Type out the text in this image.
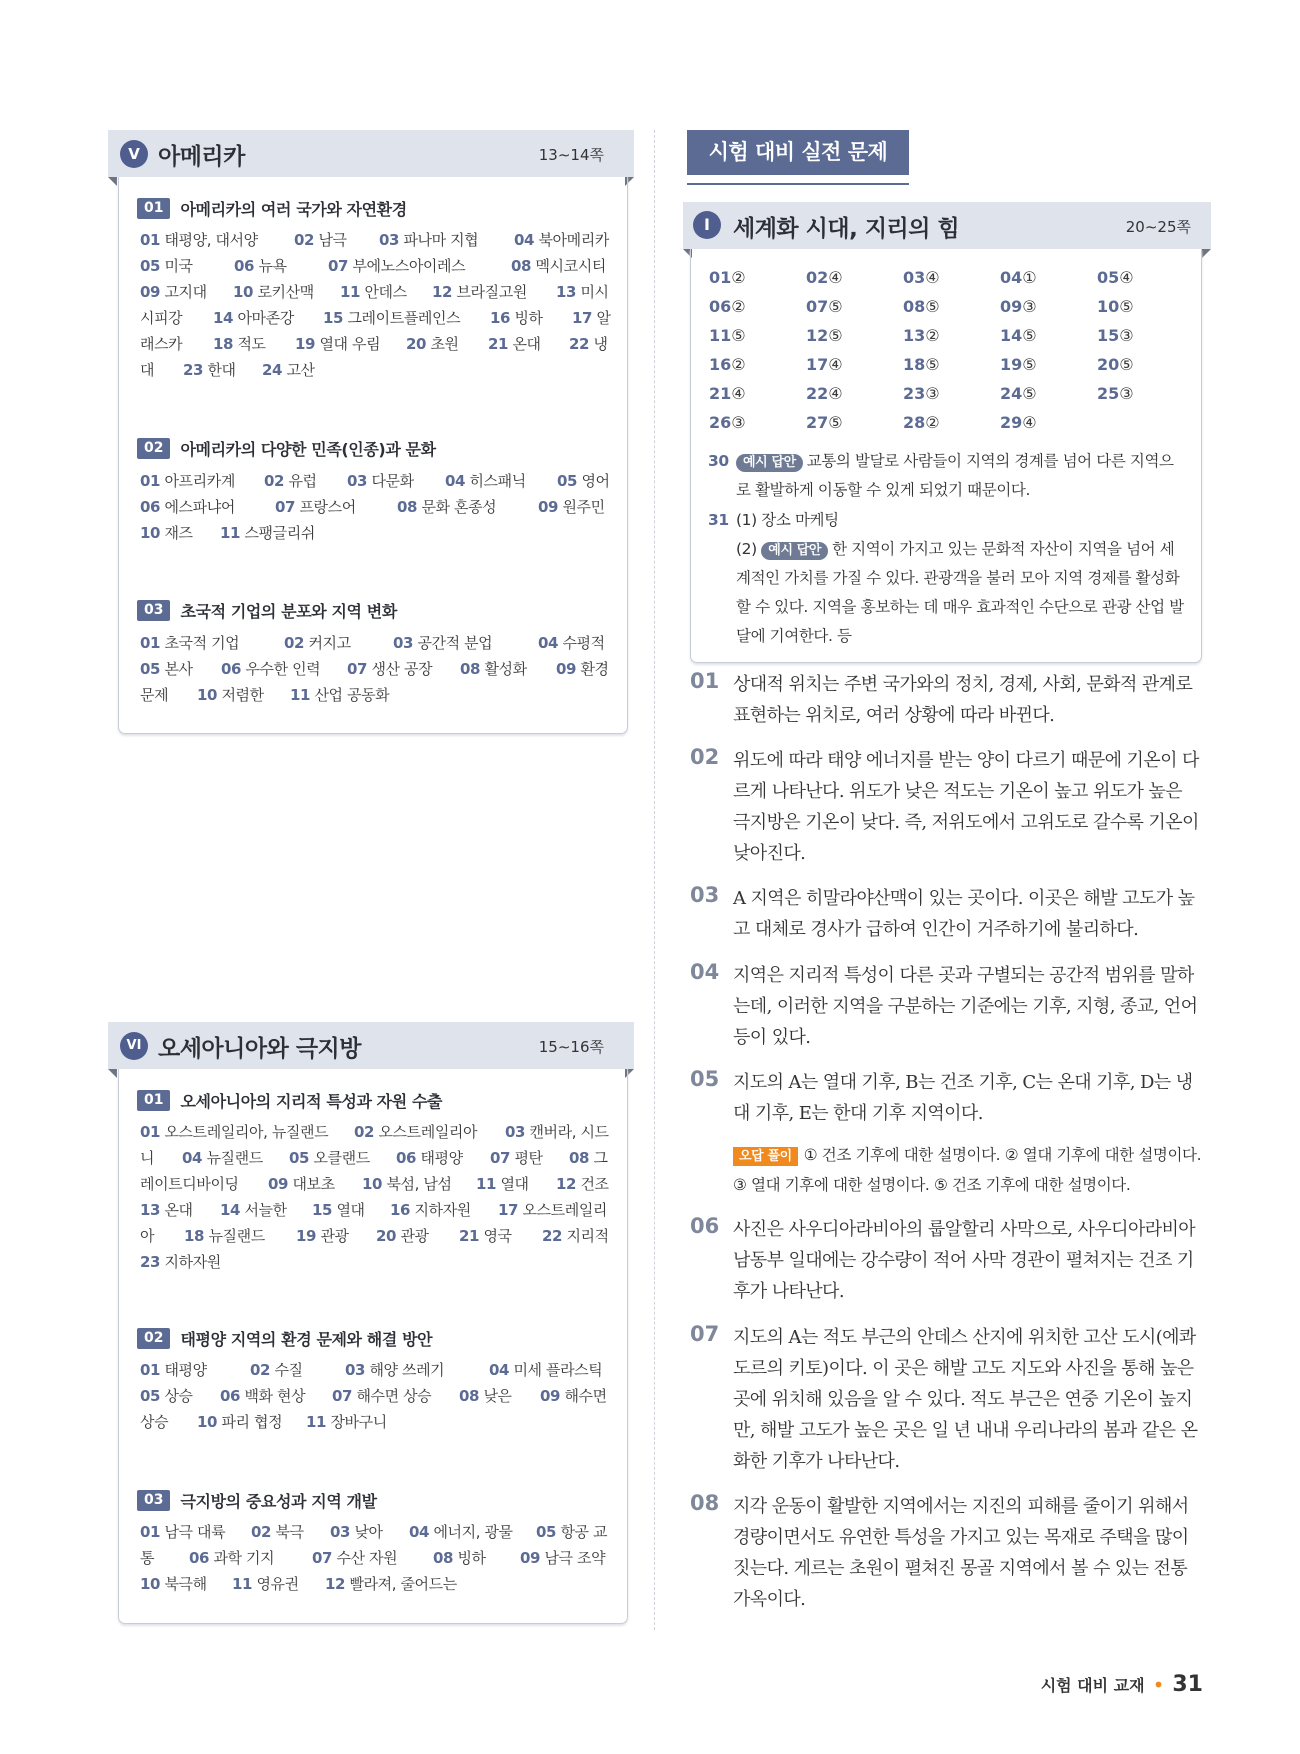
V 아메리카	13∼14쪽
01	아메리카의 여러 국가와 자연환경
01 태평양, 대서양 02 남극 03 파나마 지협 04 북아메리카
05 미국	06 뉴욕	07 부에노스아이레스	08 멕시코시티
09 고지대 10 로키산맥 11 안데스 12 브라질고원 13 미시
시피강 14 아마존강 15 그레이트플레인스 16 빙하 17 알
래스카 18 적도 19 열대 우림 20 초원 21 온대 22 냉
대 23 한대 24 고산
02	아메리카의 다양한 민족(인종)과 문화
01 아프리카계 02 유럽 03 다문화 04 히스패닉 05 영어
06 에스파냐어	07 프랑스어	08 문화 혼종성	09 원주민
10 재즈 11 스팽글리쉬
03	초국적 기업의 분포와 지역 변화
01 초국적 기업	02 커지고	03 공간적 분업	04 수평적
05 본사 06 우수한 인력 07 생산 공장 08 활성화 09 환경
문제 10 저렴한 11 산업 공동화
VI 오세아니아와 극지방	15∼16쪽
01	오세아니아의 지리적 특성과 자원 수출
01 오스트레일리아, 뉴질랜드 02 오스트레일리아 03 캔버라, 시드
니 04 뉴질랜드 05 오클랜드 06 태평양 07 평탄 08 그
레이트디바이딩 09 대보초 10 북섬, 남섬 11 열대 12 건조
13 온대 14 서늘한 15 열대 16 지하자원 17 오스트레일리
아 18 뉴질랜드 19 관광 20 관광 21 영국 22 지리적
23 지하자원
02	태평양 지역의 환경 문제와 해결 방안
01 태평양	02 수질	03 해양 쓰레기	04 미세 플라스틱
05 상승 06 백화 현상 07 해수면 상승 08 낮은 09 해수면
상승 10 파리 협정 11 장바구니
03	극지방의 중요성과 지역 개발
01 남극 대륙 02 북극 03 낮아 04 에너지, 광물 05 항공 교
통 06 과학 기지	07 수산 자원 08 빙하 09 남극 조약
10 북극해 11 영유권 12 빨라져, 줄어드는
시험 대비 실전 문제
I	세계화 시대, 지리의 힘	20∼25쪽
01②	02④	03④	04①	05④
06②	07⑤	08⑤	09③	10⑤
11⑤	12⑤	13②	14⑤	15③
16②	17④	18⑤	19⑤	20⑤
21④	22④	23③	24⑤	25③
26③	27⑤	28②	29④
30	예시 답안 교통의 발달로 사람들이 지역의 경계를 넘어 다른 지역으로 활발하게 이동할 수 있게 되었기 때문이다.
31 (1) 장소 마케팅
(2) 예시 답안 한 지역이 가지고 있는 문화적 자산이 지역을 넘어 세계적인 가치를 가질 수 있다. 관광객을 불러 모아 지역 경제를 활성화할 수 있다. 지역을 홍보하는 데 매우 효과적인 수단으로 관광 산업 발달에 기여한다. 등
01 상대적 위치는 주변 국가와의 정치, 경제, 사회, 문화적 관계로 표현하는 위치로, 여러 상황에 따라 바뀐다.
02 위도에 따라 태양 에너지를 받는 양이 다르기 때문에 기온이 다르게 나타난다. 위도가 낮은 적도는 기온이 높고 위도가 높은 극지방은 기온이 낮다. 즉, 저위도에서 고위도로 갈수록 기온이 낮아진다.
03 A 지역은 히말라야산맥이 있는 곳이다. 이곳은 해발 고도가 높고 대체로 경사가 급하여 인간이 거주하기에 불리하다.
04 지역은 지리적 특성이 다른 곳과 구별되는 공간적 범위를 말하는데, 이러한 지역을 구분하는 기준에는 기후, 지형, 종교, 언어 등이 있다.
05 지도의 A는 열대 기후, B는 건조 기후, C는 온대 기후, D는 냉대 기후, E는 한대 기후 지역이다.
오답 풀이 ① 건조 기후에 대한 설명이다. ② 열대 기후에 대한 설명이다. ③ 열대 기후에 대한 설명이다. ⑤ 건조 기후에 대한 설명이다.
06 사진은 사우디아라비아의 룹알할리 사막으로, 사우디아라비아 남동부 일대에는 강수량이 적어 사막 경관이 펼쳐지는 건조 기후가 나타난다.
07 지도의 A는 적도 부근의 안데스 산지에 위치한 고산 도시(에콰도르의 키토)이다. 이 곳은 해발 고도 지도와 사진을 통해 높은 곳에 위치해 있음을 알 수 있다. 적도 부근은 연중 기온이 높지만, 해발 고도가 높은 곳은 일 년 내내 우리나라의 봄과 같은 온화한 기후가 나타난다.
08 지각 운동이 활발한 지역에서는 지진의 피해를 줄이기 위해서 경량이면서도 유연한 특성을 가지고 있는 목재로 주택을 많이 짓는다. 게르는 초원이 펼쳐진 몽골 지역에서 볼 수 있는 전통 가옥이다.
시험 대비 교재 • 31
